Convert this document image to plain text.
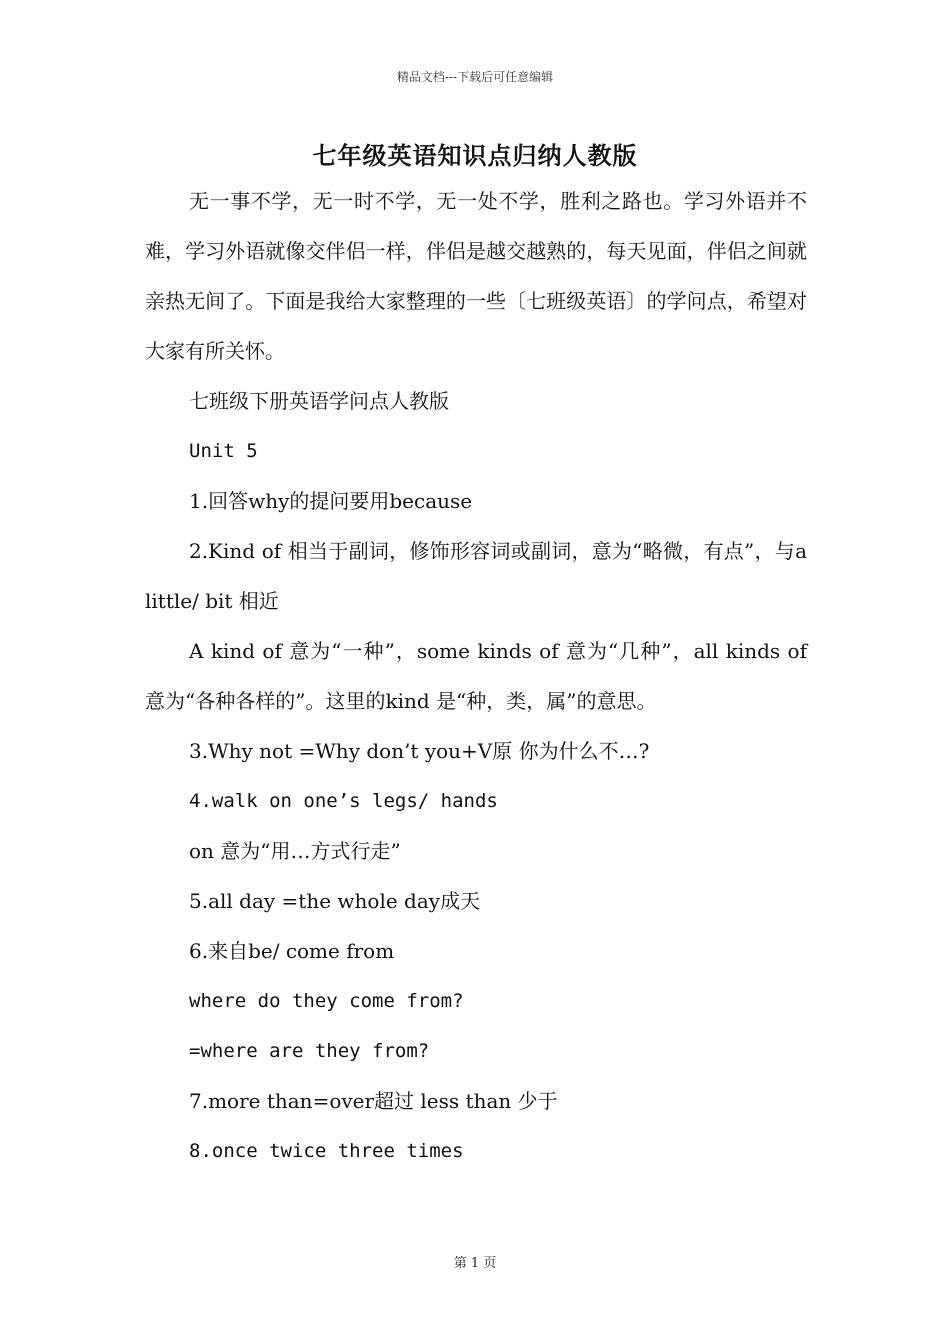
精品文档---下载后可任意编辑
七年级英语知识点归纳人教版

无一事不学，无一时不学，无一处不学，胜利之路也。学习外语并不难，学习外语就像交伴侣一样，伴侣是越交越熟的，每天见面，伴侣之间就亲热无间了。下面是我给大家整理的一些〔七班级英语〕的学问点，希望对大家有所关怀。

七班级下册英语学问点人教版

Unit 5

1.回答why的提问要用because

2.Kind of 相当于副词，修饰形容词或副词，意为“略微，有点”，与a little/ bit 相近

A kind of 意为“一种”，some kinds of 意为“几种”，all kinds of 意为“各种各样的”。这里的kind 是“种，类，属”的意思。

3.Why not =Why don’t you+V原 你为什么不…?

4.walk on one’s legs/ hands

on 意为“用…方式行走”

5.all day =the whole day成天

6.来自be/ come from

where do they come from?

=where are they from?

7.more than=over超过 less than 少于

8.once twice three times

第 1 页
